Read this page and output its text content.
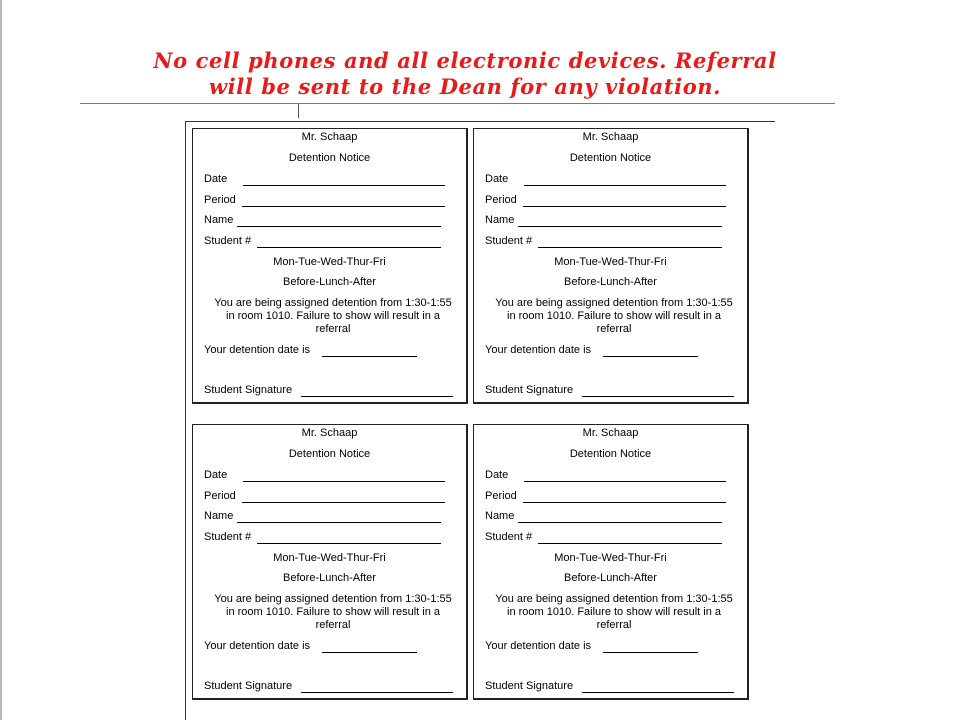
No cell phones and all electronic devices. Referral
will be sent to the Dean for any violation.
Mr. Schaap
Detention Notice
Date
Period
Name
Student #
Mon-Tue-Wed-Thur-Fri
Before-Lunch-After
You are being assigned detention from 1:30-1:55
in room 1010. Failure to show will result in a
referral
Your detention date is
Student Signature
Mr. Schaap
Detention Notice
Date
Period
Name
Student #
Mon-Tue-Wed-Thur-Fri
Before-Lunch-After
You are being assigned detention from 1:30-1:55
in room 1010. Failure to show will result in a
referral
Your detention date is
Student Signature
Mr. Schaap
Detention Notice
Date
Period
Name
Student #
Mon-Tue-Wed-Thur-Fri
Before-Lunch-After
You are being assigned detention from 1:30-1:55
in room 1010. Failure to show will result in a
referral
Your detention date is
Student Signature
Mr. Schaap
Detention Notice
Date
Period
Name
Student #
Mon-Tue-Wed-Thur-Fri
Before-Lunch-After
You are being assigned detention from 1:30-1:55
in room 1010. Failure to show will result in a
referral
Your detention date is
Student Signature
